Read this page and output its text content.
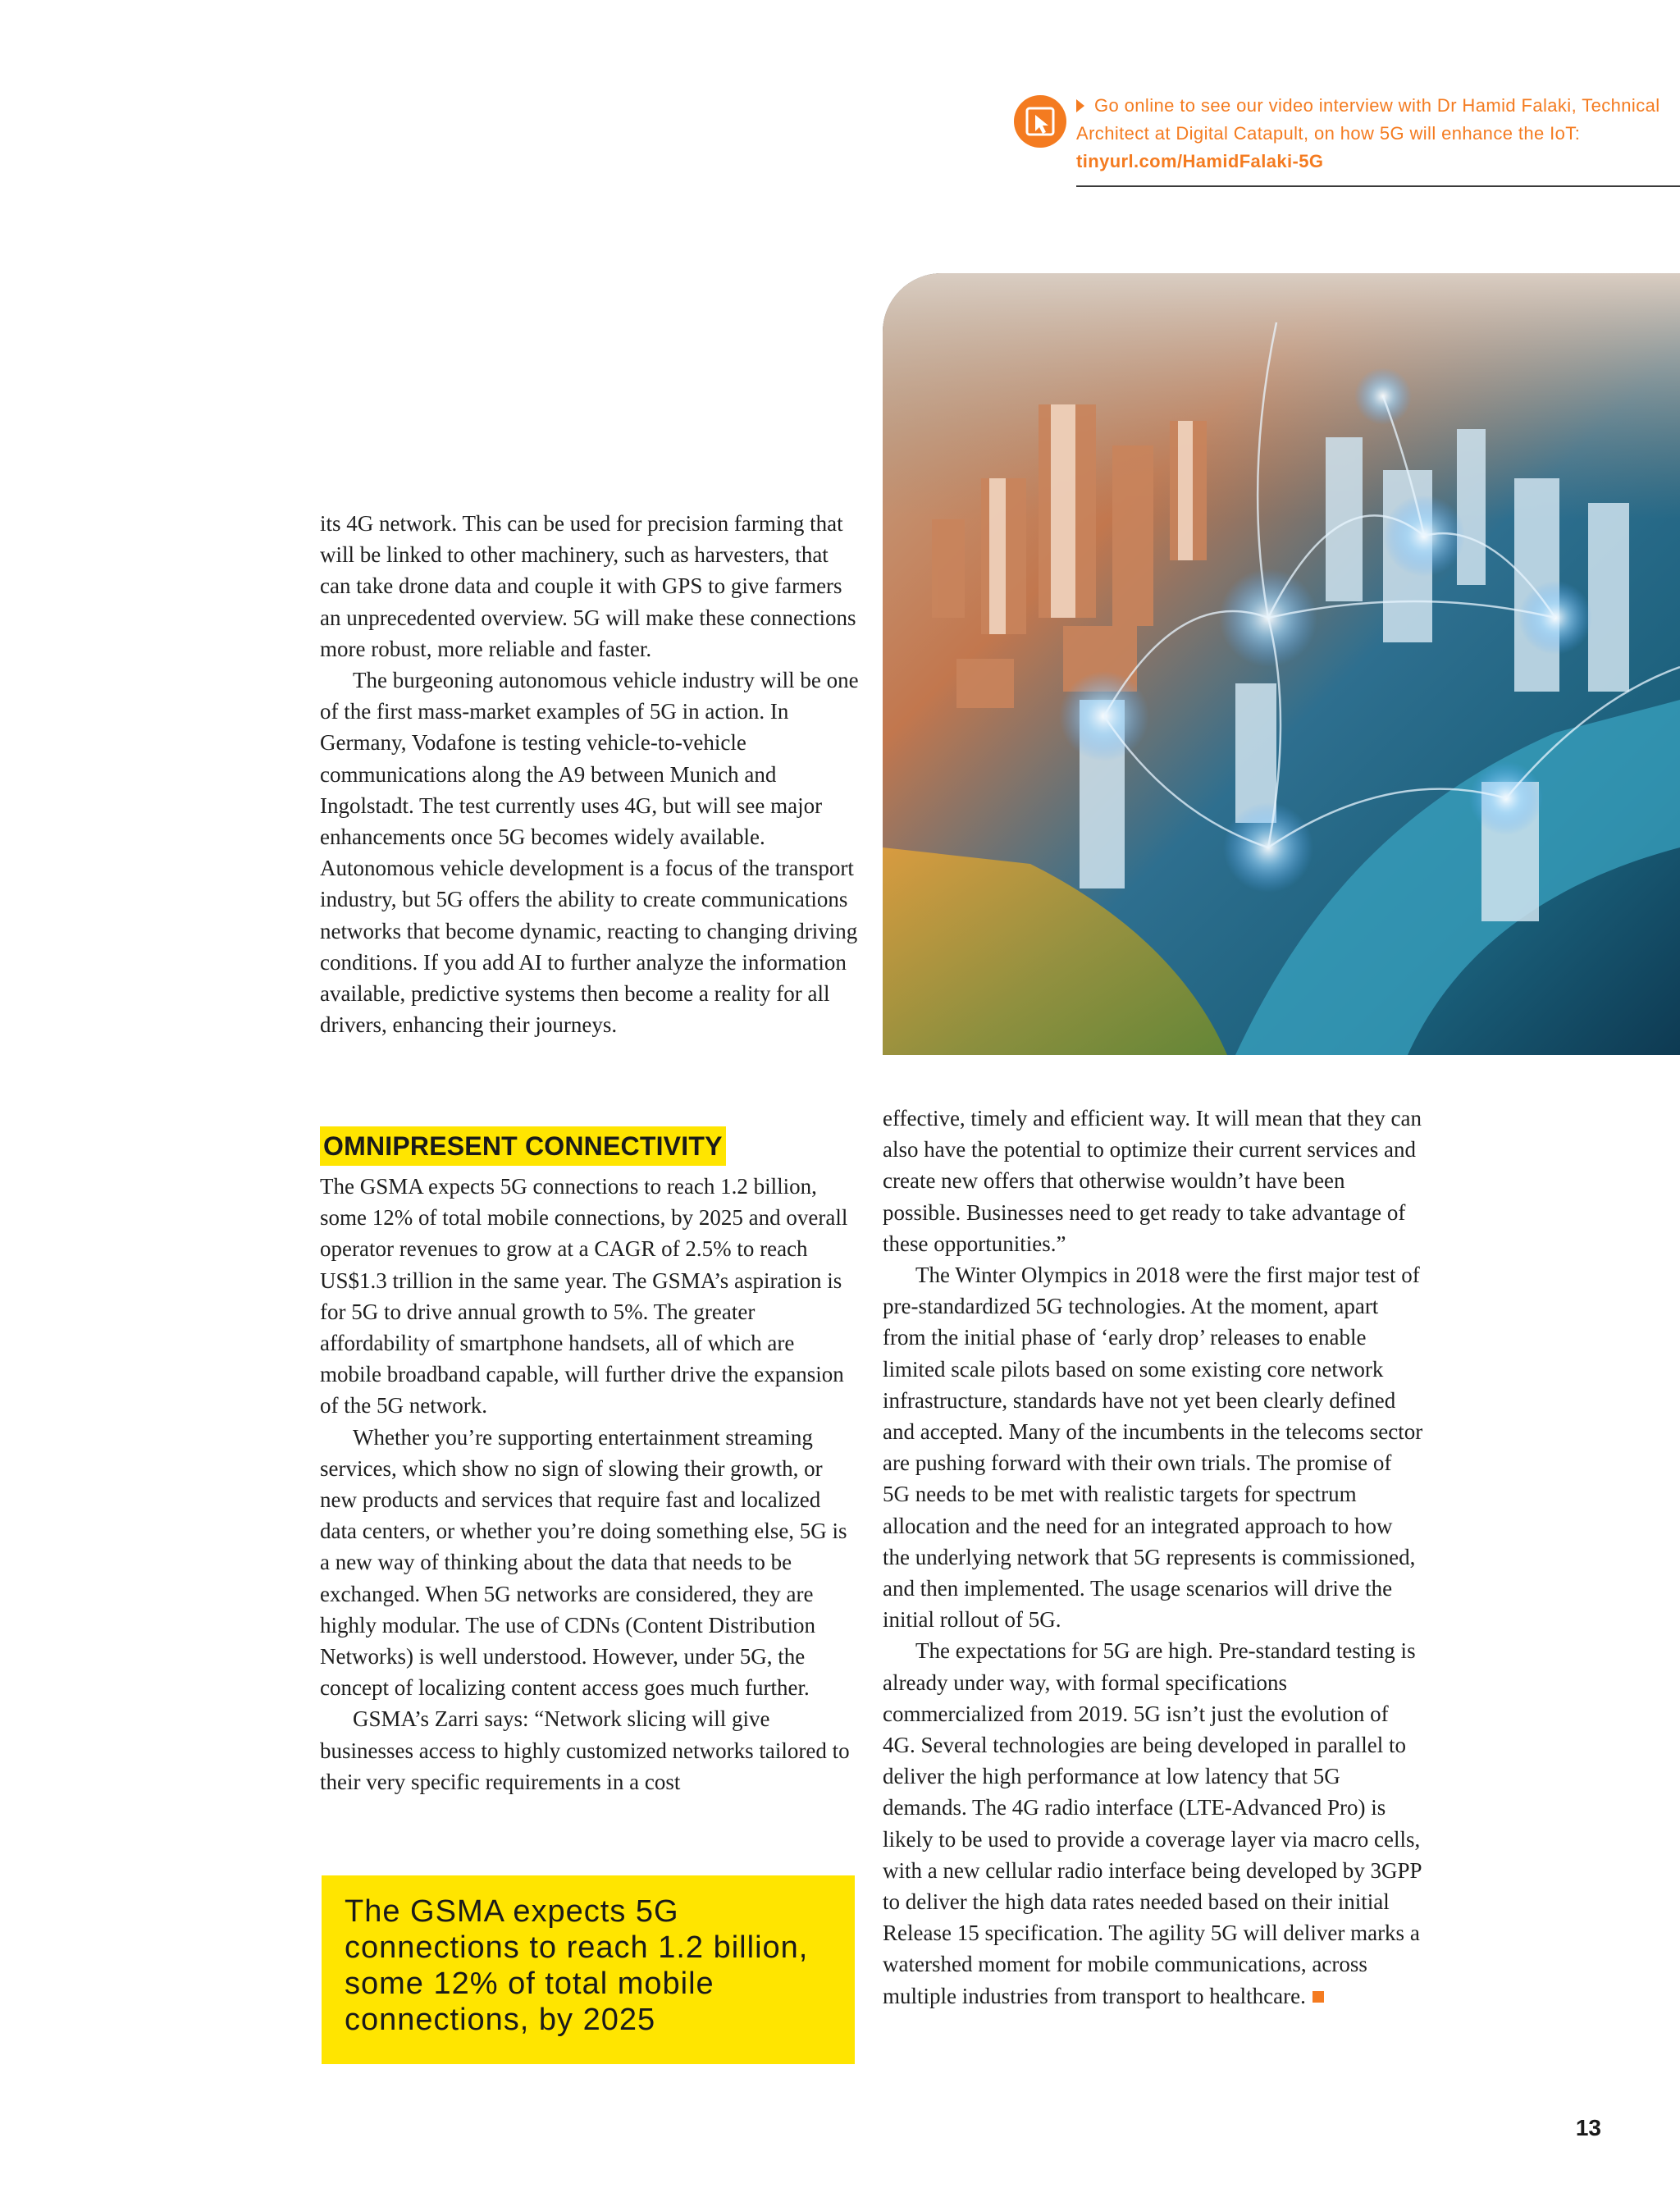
Go online to see our video interview with Dr Hamid Falaki, Technical Architect at Digital Catapult, on how 5G will enhance the IoT: tinyurl.com/HamidFalaki-5G

its 4G network. This can be used for precision farming that will be linked to other machinery, such as harvesters, that can take drone data and couple it with GPS to give farmers an unprecedented overview. 5G will make these connections more robust, more reliable and faster.

The burgeoning autonomous vehicle industry will be one of the first mass-market examples of 5G in action. In Germany, Vodafone is testing vehicle-to-vehicle communications along the A9 between Munich and Ingolstadt. The test currently uses 4G, but will see major enhancements once 5G becomes widely available. Autonomous vehicle development is a focus of the transport industry, but 5G offers the ability to create communications networks that become dynamic, reacting to changing driving conditions. If you add AI to further analyze the information available, predictive systems then become a reality for all drivers, enhancing their journeys.

OMNIPRESENT CONNECTIVITY

The GSMA expects 5G connections to reach 1.2 billion, some 12% of total mobile connections, by 2025 and overall operator revenues to grow at a CAGR of 2.5% to reach US$1.3 trillion in the same year. The GSMA’s aspiration is for 5G to drive annual growth to 5%. The greater affordability of smartphone handsets, all of which are mobile broadband capable, will further drive the expansion of the 5G network.

Whether you’re supporting entertainment streaming services, which show no sign of slowing their growth, or new products and services that require fast and localized data centers, or whether you’re doing something else, 5G is a new way of thinking about the data that needs to be exchanged. When 5G networks are considered, they are highly modular. The use of CDNs (Content Distribution Networks) is well understood. However, under 5G, the concept of localizing content access goes much further.

GSMA’s Zarri says: “Network slicing will give businesses access to highly customized networks tailored to their very specific requirements in a cost

effective, timely and efficient way. It will mean that they can also have the potential to optimize their current services and create new offers that otherwise wouldn’t have been possible. Businesses need to get ready to take advantage of these opportunities.”

The Winter Olympics in 2018 were the first major test of pre-standardized 5G technologies. At the moment, apart from the initial phase of ‘early drop’ releases to enable limited scale pilots based on some existing core network infrastructure, standards have not yet been clearly defined and accepted. Many of the incumbents in the telecoms sector are pushing forward with their own trials. The promise of 5G needs to be met with realistic targets for spectrum allocation and the need for an integrated approach to how the underlying network that 5G represents is commissioned, and then implemented. The usage scenarios will drive the initial rollout of 5G.

The expectations for 5G are high. Pre-standard testing is already under way, with formal specifications commercialized from 2019. 5G isn’t just the evolution of 4G. Several technologies are being developed in parallel to deliver the high performance at low latency that 5G demands. The 4G radio interface (LTE-Advanced Pro) is likely to be used to provide a coverage layer via macro cells, with a new cellular radio interface being developed by 3GPP to deliver the high data rates needed based on their initial Release 15 specification. The agility 5G will deliver marks a watershed moment for mobile communications, across multiple industries from transport to healthcare.

The GSMA expects 5G connections to reach 1.2 billion, some 12% of total mobile connections, by 2025
13
